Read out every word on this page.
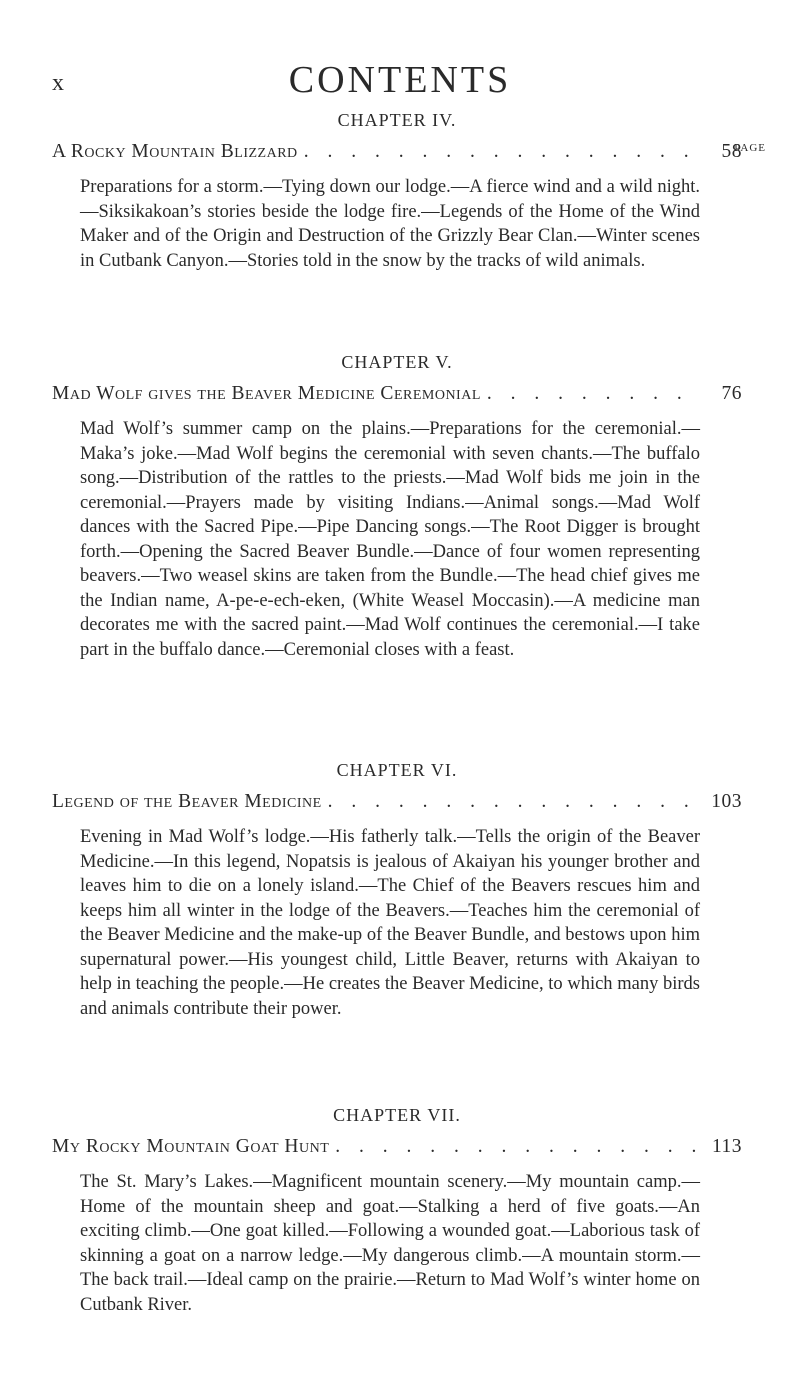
x	CONTENTS
PAGE
CHAPTER IV.
A Rocky Mountain Blizzard . . .	58

Preparations for a storm.—Tying down our lodge.—A fierce wind and a wild night.—Siksikakoan’s stories beside the lodge fire.—Legends of the Home of the Wind Maker and of the Origin and Destruction of the Grizzly Bear Clan.—Winter scenes in Cutbank Canyon.—Stories told in the snow by the tracks of wild animals.

CHAPTER V.
Mad Wolf gives the Beaver Medicine Ceremonial . . .	76

Mad Wolf’s summer camp on the plains.—Preparations for the ceremonial.—Maka’s joke.—Mad Wolf begins the ceremonial with seven chants.—The buffalo song.—Distribution of the rattles to the priests.—Mad Wolf bids me join in the ceremonial.—Prayers made by visiting Indians.—Animal songs.—Mad Wolf dances with the Sacred Pipe.—Pipe Dancing songs.—The Root Digger is brought forth.—Opening the Sacred Beaver Bundle.—Dance of four women representing beavers.—Two weasel skins are taken from the Bundle.—The head chief gives me the Indian name, A-pe-e-ech-eken, (White Weasel Moccasin).—A medicine man decorates me with the sacred paint.—Mad Wolf continues the ceremonial.—I take part in the buffalo dance.—Ceremonial closes with a feast.

CHAPTER VI.
Legend of the Beaver Medicine . . .	103

Evening in Mad Wolf’s lodge.—His fatherly talk.—Tells the origin of the Beaver Medicine.—In this legend, Nopatsis is jealous of Akaiyan his younger brother and leaves him to die on a lonely island.—The Chief of the Beavers rescues him and keeps him all winter in the lodge of the Beavers.—Teaches him the ceremonial of the Beaver Medicine and the make-up of the Beaver Bundle, and bestows upon him supernatural power.—His youngest child, Little Beaver, returns with Akaiyan to help in teaching the people.—He creates the Beaver Medicine, to which many birds and animals contribute their power.

CHAPTER VII.
My Rocky Mountain Goat Hunt . . .	113

The St. Mary’s Lakes.—Magnificent mountain scenery.—My mountain camp.—Home of the mountain sheep and goat.—Stalking a herd of five goats.—An exciting climb.—One goat killed.—Following a wounded goat.—Laborious task of skinning a goat on a narrow ledge.—My dangerous climb.—A mountain storm.—The back trail.—Ideal camp on the prairie.—Return to Mad Wolf’s winter home on Cutbank River.
